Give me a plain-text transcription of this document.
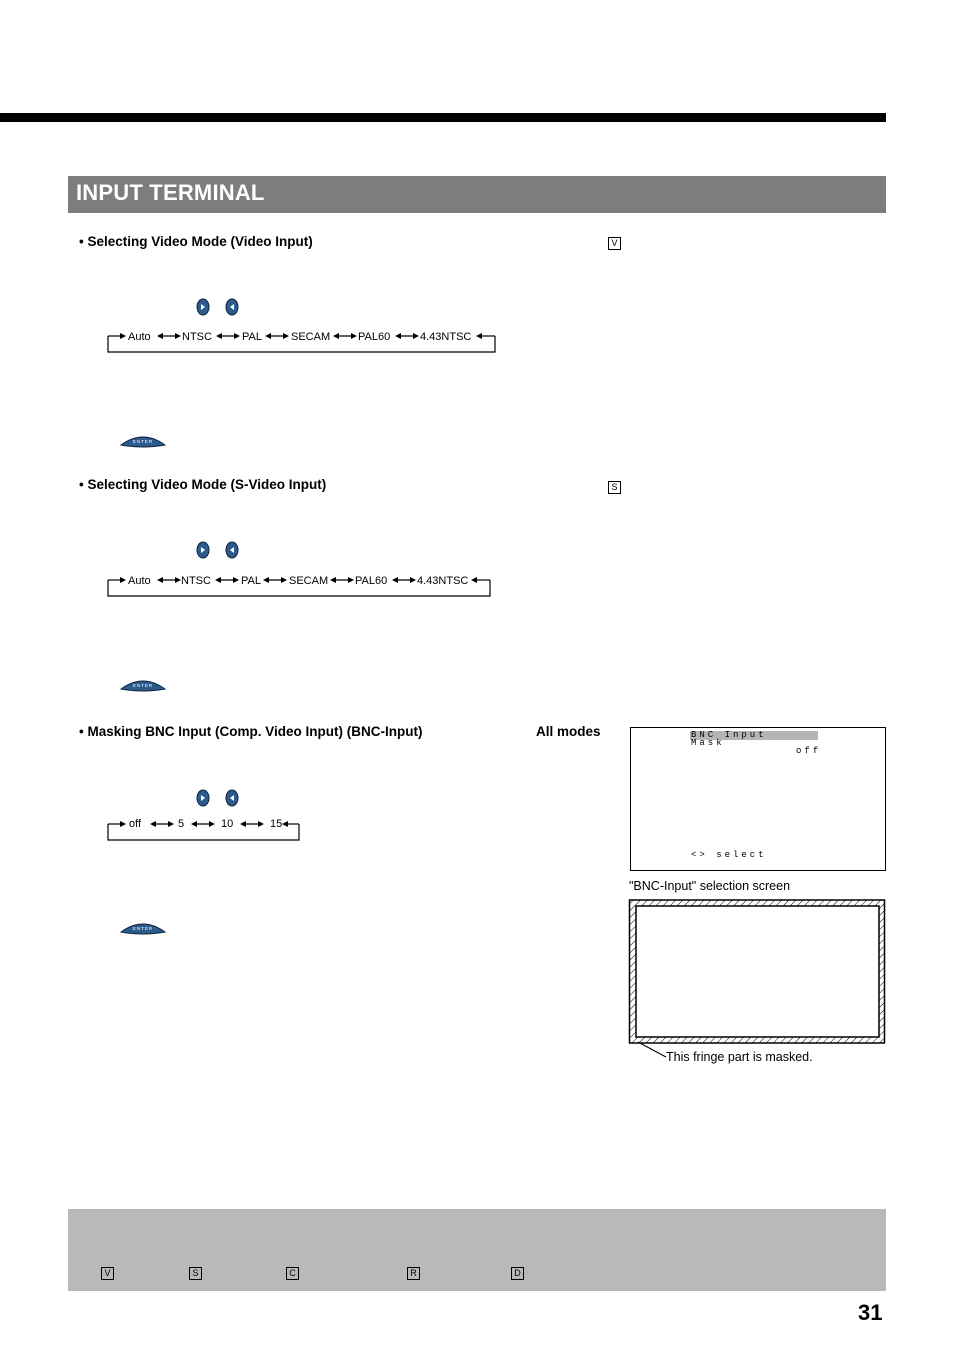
INPUT TERMINAL
• Selecting Video Mode (Video Input)	V
Auto	NTSC	PAL	SECAM	PAL60	4.43NTSC
ENTER
• Selecting Video Mode (S-Video Input)	S
Auto	NTSC	PAL	SECAM PAL60	4.43NTSC
ENTER
• Masking BNC Input (Comp. Video Input) (BNC-Input)	All modes
off	5	10	15
ENTER
BNC Input
Mask
off
<> select
"BNC-Input" selection screen
This fringe part is masked.
V	S	C	R	D
31
